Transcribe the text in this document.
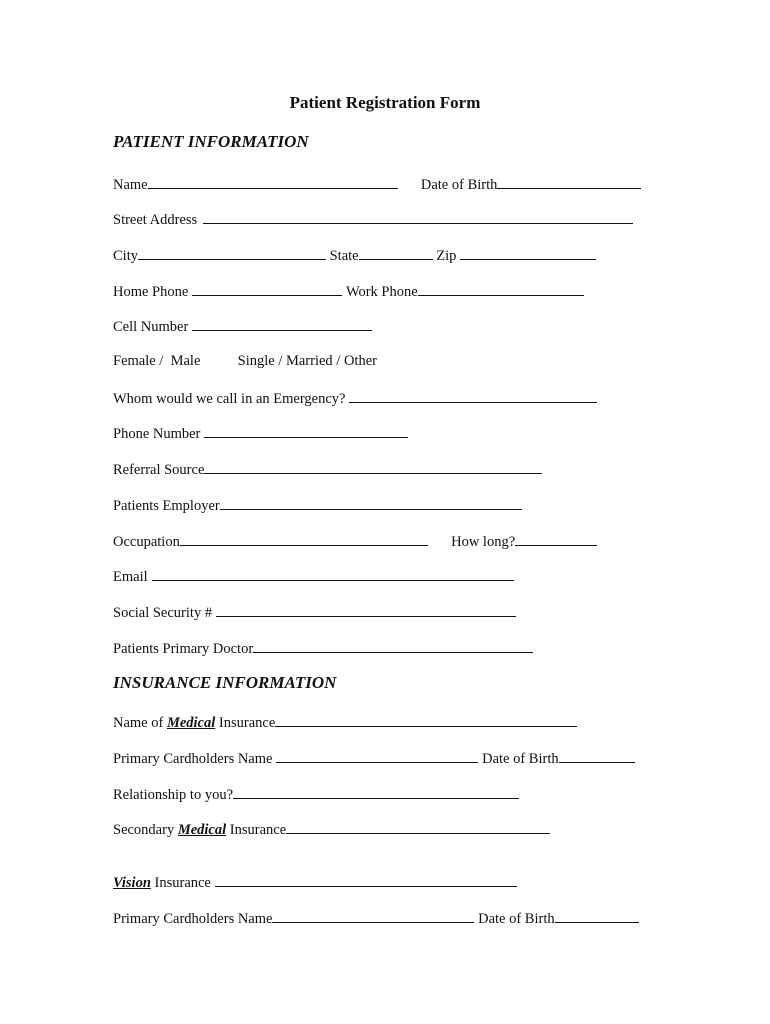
Patient Registration Form
PATIENT INFORMATION
Name	Date of Birth
Street Address
City	State	Zip
Home Phone	Work Phone
Cell Number
Female /  Male	Single / Married / Other
Whom would we call in an Emergency?
Phone Number
Referral Source
Patients Employer
Occupation	How long?
Email
Social Security #
Patients Primary Doctor
INSURANCE INFORMATION
Name of Medical Insurance
Primary Cardholders Name	Date of Birth
Relationship to you?
Secondary Medical Insurance
Vision Insurance
Primary Cardholders Name	Date of Birth
